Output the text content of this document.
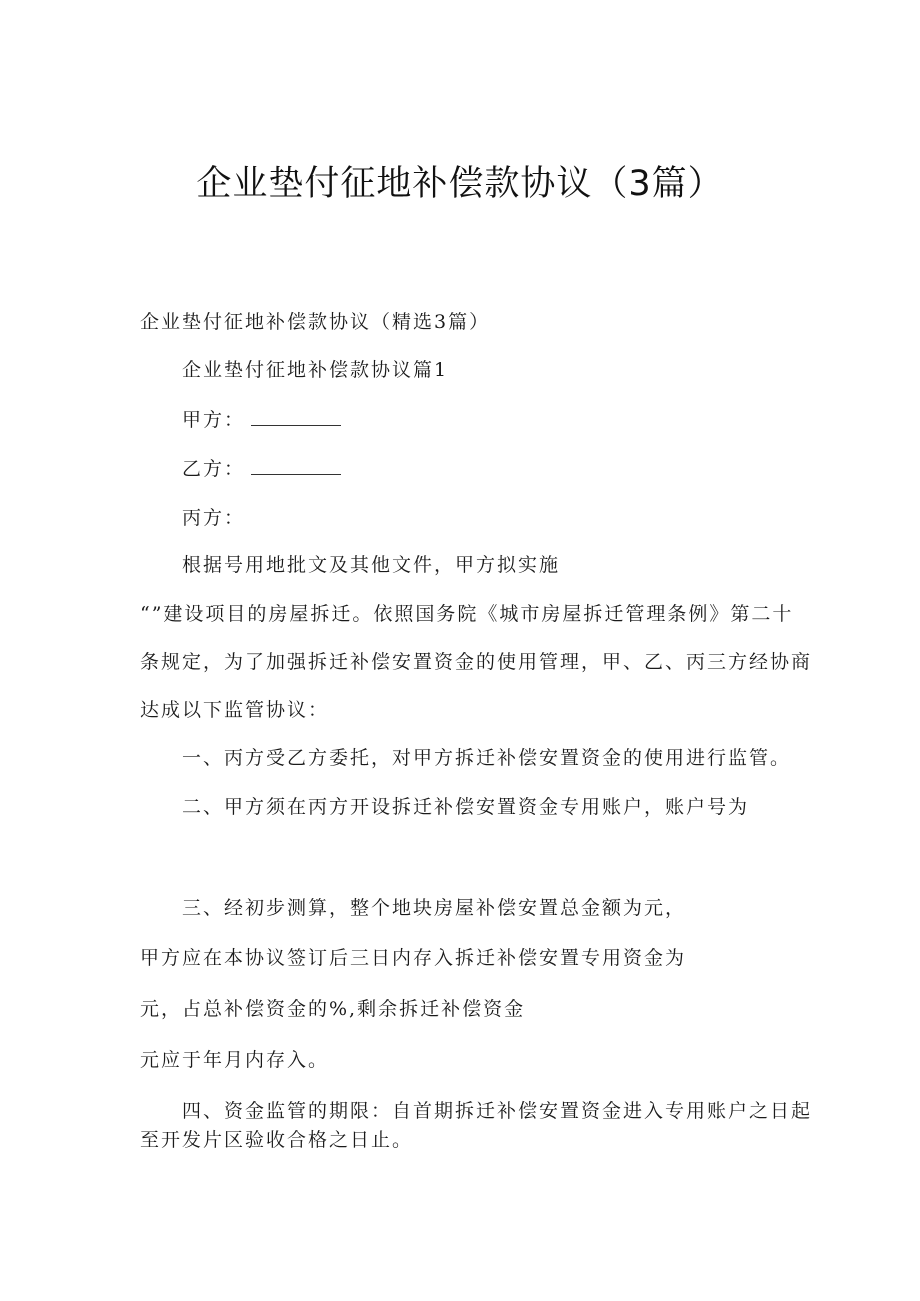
企业垫付征地补偿款协议（3篇）
企业垫付征地补偿款协议（精选3篇）
企业垫付征地补偿款协议篇1
甲方：
乙方：
丙方：
根据号用地批文及其他文件，甲方拟实施
“”建设项目的房屋拆迁。依照国务院《城市房屋拆迁管理条例》第二十
条规定，为了加强拆迁补偿安置资金的使用管理，甲、乙、丙三方经协商
达成以下监管协议：
一、丙方受乙方委托，对甲方拆迁补偿安置资金的使用进行监管。
二、甲方须在丙方开设拆迁补偿安置资金专用账户，账户号为
三、经初步测算，整个地块房屋补偿安置总金额为元，
甲方应在本协议签订后三日内存入拆迁补偿安置专用资金为
元，占总补偿资金的%,剩余拆迁补偿资金
元应于年月内存入。
四、资金监管的期限：自首期拆迁补偿安置资金进入专用账户之日起
至开发片区验收合格之日止。
